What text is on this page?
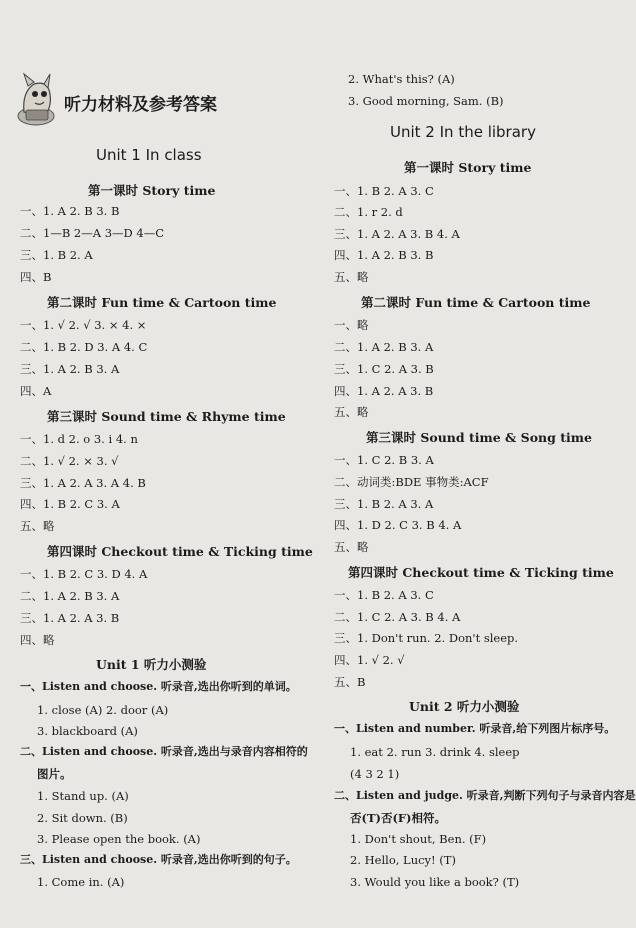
听力材料及参考答案
Unit 1 In class
第一课时 Story time
一、1. A 2. B 3. B
二、1—B 2—A 3—D 4—C
三、1. B 2. A
四、B
第二课时 Fun time & Cartoon time
一、1. √ 2. √ 3. × 4. ×
二、1. B 2. D 3. A 4. C
三、1. A 2. B 3. A
四、A
第三课时 Sound time & Rhyme time
一、1. d 2. o 3. i 4. n
二、1. √ 2. × 3. √
三、1. A 2. A 3. A 4. B
四、1. B 2. C 3. A
五、略
第四课时 Checkout time & Ticking time
一、1. B 2. C 3. D 4. A
二、1. A 2. B 3. A
三、1. A 2. A 3. B
四、略
Unit 1 听力小测验
一、Listen and choose. 听录音,选出你听到的单词。
1. close (A) 2. door (A)
3. blackboard (A)
二、Listen and choose. 听录音,选出与录音内容相符的
图片。
1. Stand up. (A)
2. Sit down. (B)
3. Please open the book. (A)
三、Listen and choose. 听录音,选出你听到的句子。
1. Come in. (A)
2. What's this? (A)
3. Good morning, Sam. (B)
Unit 2 In the library
第一课时 Story time
一、1. B 2. A 3. C
二、1. r 2. d
三、1. A 2. A 3. B 4. A
四、1. A 2. B 3. B
五、略
第二课时 Fun time & Cartoon time
一、略
二、1. A 2. B 3. A
三、1. C 2. A 3. B
四、1. A 2. A 3. B
五、略
第三课时 Sound time & Song time
一、1. C 2. B 3. A
二、动词类:BDE 事物类:ACF
三、1. B 2. A 3. A
四、1. D 2. C 3. B 4. A
五、略
第四课时 Checkout time & Ticking time
一、1. B 2. A 3. C
二、1. C 2. A 3. B 4. A
三、1. Don't run. 2. Don't sleep.
四、1. √ 2. √
五、B
Unit 2 听力小测验
一、Listen and number. 听录音,给下列图片标序号。
1. eat 2. run 3. drink 4. sleep
(4 3 2 1)
二、Listen and judge. 听录音,判断下列句子与录音内容是
否(T)否(F)相符。
1. Don't shout, Ben. (F)
2. Hello, Lucy! (T)
3. Would you like a book? (T)
